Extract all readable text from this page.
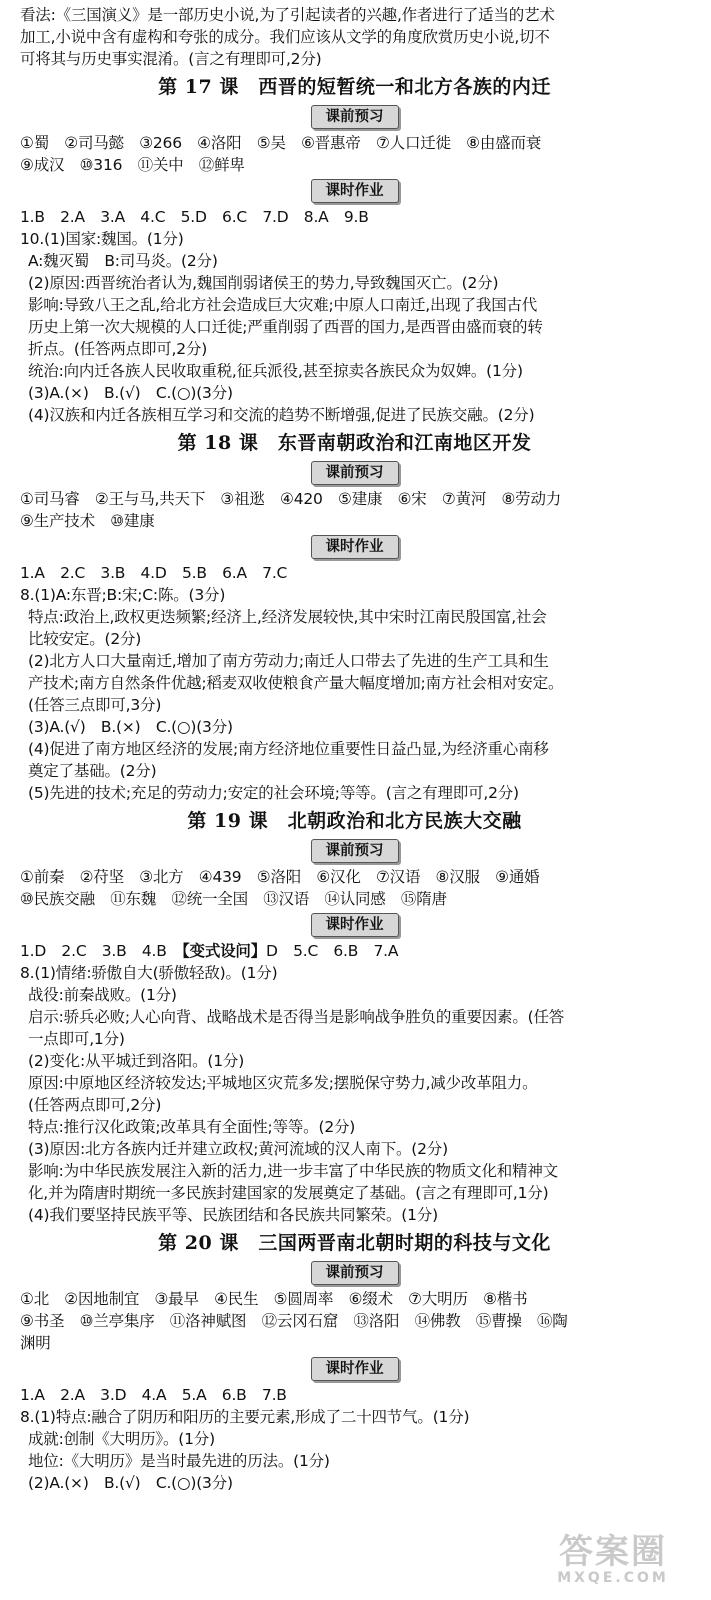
看法:《三国演义》是一部历史小说,为了引起读者的兴趣,作者进行了适当的艺术
加工,小说中含有虚构和夸张的成分。我们应该从文学的角度欣赏历史小说,切不
可将其与历史事实混淆。(言之有理即可,2分)
第 17 课　西晋的短暂统一和北方各族的内迁
课前预习
①蜀　②司马懿　③266　④洛阳　⑤吴　⑥晋惠帝　⑦人口迁徙　⑧由盛而衰
⑨成汉　⑩316　⑪关中　⑫鲜卑
课时作业
1.B　2.A　3.A　4.C　5.D　6.C　7.D　8.A　9.B
10.(1)国家:魏国。(1分)
A:魏灭蜀　B:司马炎。(2分)
(2)原因:西晋统治者认为,魏国削弱诸侯王的势力,导致魏国灭亡。(2分)
影响:导致八王之乱,给北方社会造成巨大灾难;中原人口南迁,出现了我国古代
历史上第一次大规模的人口迁徙;严重削弱了西晋的国力,是西晋由盛而衰的转
折点。(任答两点即可,2分)
统治:向内迁各族人民收取重税,征兵派役,甚至掠卖各族民众为奴婢。(1分)
(3)A.(×)　B.(√)　C.(○)(3分)
(4)汉族和内迁各族相互学习和交流的趋势不断增强,促进了民族交融。(2分)
第 18 课　东晋南朝政治和江南地区开发
课前预习
①司马睿　②王与马,共天下　③祖逖　④420　⑤建康　⑥宋　⑦黄河　⑧劳动力
⑨生产技术　⑩建康
课时作业
1.A　2.C　3.B　4.D　5.B　6.A　7.C
8.(1)A:东晋;B:宋;C:陈。(3分)
特点:政治上,政权更迭频繁;经济上,经济发展较快,其中宋时江南民殷国富,社会
比较安定。(2分)
(2)北方人口大量南迁,增加了南方劳动力;南迁人口带去了先进的生产工具和生
产技术;南方自然条件优越;稻麦双收使粮食产量大幅度增加;南方社会相对安定。
(任答三点即可,3分)
(3)A.(√)　B.(×)　C.(○)(3分)
(4)促进了南方地区经济的发展;南方经济地位重要性日益凸显,为经济重心南移
奠定了基础。(2分)
(5)先进的技术;充足的劳动力;安定的社会环境;等等。(言之有理即可,2分)
第 19 课　北朝政治和北方民族大交融
课前预习
①前秦　②苻坚　③北方　④439　⑤洛阳　⑥汉化　⑦汉语　⑧汉服　⑨通婚
⑩民族交融　⑪东魏　⑫统一全国　⑬汉语　⑭认同感　⑮隋唐
课时作业
1.D　2.C　3.B　4.B　【变式设问】D　5.C　6.B　7.A
8.(1)情绪:骄傲自大(骄傲轻敌)。(1分)
战役:前秦战败。(1分)
启示:骄兵必败;人心向背、战略战术是否得当是影响战争胜负的重要因素。(任答
一点即可,1分)
(2)变化:从平城迁到洛阳。(1分)
原因:中原地区经济较发达;平城地区灾荒多发;摆脱保守势力,减少改革阻力。
(任答两点即可,2分)
特点:推行汉化政策;改革具有全面性;等等。(2分)
(3)原因:北方各族内迁并建立政权;黄河流域的汉人南下。(2分)
影响:为中华民族发展注入新的活力,进一步丰富了中华民族的物质文化和精神文
化,并为隋唐时期统一多民族封建国家的发展奠定了基础。(言之有理即可,1分)
(4)我们要坚持民族平等、民族团结和各民族共同繁荣。(1分)
第 20 课　三国两晋南北朝时期的科技与文化
课前预习
①北　②因地制宜　③最早　④民生　⑤圆周率　⑥缀术　⑦大明历　⑧楷书
⑨书圣　⑩兰亭集序　⑪洛神赋图　⑫云冈石窟　⑬洛阳　⑭佛教　⑮曹操　⑯陶
渊明
课时作业
1.A　2.A　3.D　4.A　5.A　6.B　7.B
8.(1)特点:融合了阴历和阳历的主要元素,形成了二十四节气。(1分)
成就:创制《大明历》。(1分)
地位:《大明历》是当时最先进的历法。(1分)
(2)A.(×)　B.(√)　C.(○)(3分)
答案圈
MXQE.COM
